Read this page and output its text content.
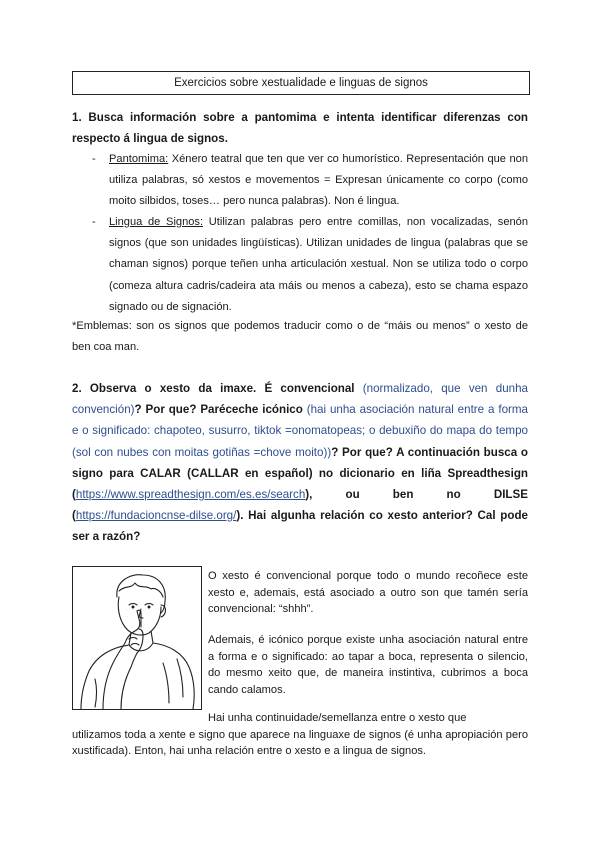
Exercicios sobre xestualidade e linguas de signos
1. Busca información sobre a pantomima e intenta identificar diferenzas con respecto á lingua de signos.
- Pantomima: Xénero teatral que ten que ver co humorístico. Representación que non utiliza palabras, só xestos e movementos = Expresan únicamente co corpo (como moito silbidos, toses… pero nunca palabras). Non é lingua.
- Lingua de Signos: Utilizan palabras pero entre comillas, non vocalizadas, senón signos (que son unidades lingüísticas). Utilizan unidades de lingua (palabras que se chaman signos) porque teñen unha articulación xestual. Non se utiliza todo o corpo (comeza altura cadris/cadeira ata máis ou menos a cabeza), esto se chama espazo signado ou de signación.
*Emblemas: son os signos que podemos traducir como o de “máis ou menos” o xesto de ben coa man.
2. Observa o xesto da imaxe. É convencional (normalizado, que ven dunha convención)? Por que? Paréceche icónico (hai unha asociación natural entre a forma e o significado: chapoteo, susurro, tiktok =onomatopeas; o debuxiño do mapa do tempo (sol con nubes con moitas gotiñas =chove moito))? Por que? A continuación busca o signo para CALAR (CALLAR en español) no dicionario en liña Spreadthesign (https://www.spreadthesign.com/es.es/search), ou ben no DILSE (https://fundacioncnse-dilse.org/). Hai algunha relación co xesto anterior? Cal pode ser a razón?
O xesto é convencional porque todo o mundo recoñece este xesto e, ademais, está asociado a outro son que tamén sería convencional: “shhh”.
Ademais, é icónico porque existe unha asociación natural entre a forma e o significado: ao tapar a boca, representa o silencio, do mesmo xeito que, de maneira instintiva, cubrimos a boca cando calamos.
Hai unha continuidade/semellanza entre o xesto que
utilizamos toda a xente e signo que aparece na linguaxe de signos (é unha apropiación pero xustificada). Enton, hai unha relación entre o xesto e a lingua de signos.
